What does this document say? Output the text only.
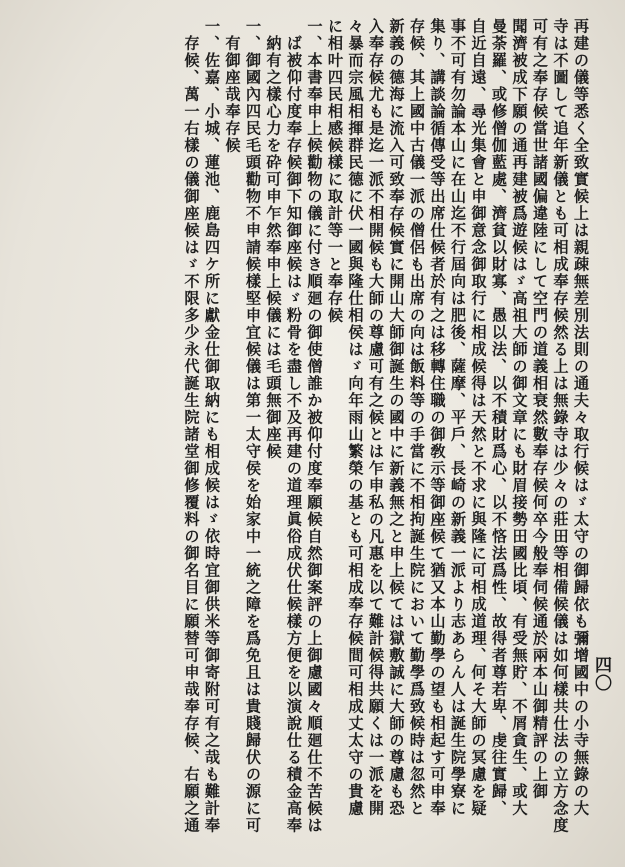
四〇
再建の儀等悉く全致實候上は親疎無差別法則の通夫々取行候はゞ太守の御歸依も彌增國中の小寺無錄の大
寺は不圖して追年新儀とも可相成奉存候然る上は無錄寺は少々の莊田等相備候儀は如何樣共仕法の立方念度
可有之奉存候當世諸國偏違陸にして空門の道義相衰然數奉存候何卒今般奉伺候通於兩本山御精評の上御
聞濟被成下願の通再建被爲遊候はゞ高祖大師の御文章にも財眉接勢田國比頃、有受無貯、不屑貪生、或大
曼荼羅、或修僧伽藍處、濟貧以財寡、愚以法、以不積財爲心、以不悋法爲性、故得者尊若卑、虔往實歸、
自近自遠、尋光集會と申御意念御取行に相成候得は天然と不求に與隆に可相成道理、何そ大師の冥慮を疑
事不可有勿論本山に在山迄不行屆向は肥後、薩摩、平戶、長崎の新義一派より志あらん人は誕生院學寮に
集り、講談論循傳受等出席仕候者於有之は移轉住職の御敎示等御座候て猶又本山勤學の望も相起す可申奉
存候、其上國中古儀一派の僧侶も出席の向は飯料等の手當に不相拘誕生院において勤學爲致候時は忽然と
新義の德海に流入可致奉存候實に開山大師御誕生の國中に新義無之と申上候ては獄敷誠に大師の尊慮も恐
入奉存候尤も是迄一派不相開候も大師の尊慮可有之候とは乍申私の凡惠を以て難計候得共願くは一派を開
々暴而宗風相揮群民德に伏一國與隆仕相侯はゞ向年雨山繁榮の基とも可相成奉存候間可相成丈太守の貴慮
に相叶四民相感候樣に取計等一と奉存候
一、本書奉申上候勸物の儀に付き順廻の御使僧誰か被仰付度奉願候自然御案評の上御慮國々順廻仕不苦候は
ば被仰付度奉存候御下知御座候はゞ粉骨を盡し不及再建の道理眞俗成伏仕候樣方便を以演說仕る積金高奉
納有之樣心力を砕可申乍然奉申上候儀には毛頭無御座候
一、御國內四民毛頭勸物不申請候樣堅申宜候儀は第一太守侯を始家中一統之障を爲免且は貴賤歸伏の源に可
有御座哉奉存候
一、佐嘉、小城、蓮池、鹿島四ケ所に獻金仕御取納にも相成候はゞ依時宜御供米等御寄附可有之哉も難計奉
存候、萬一右樣の儀御座候はゞ不限多少永代誕生院諸堂御修覆料の御名目に願替可申哉奉存候、右願之通
